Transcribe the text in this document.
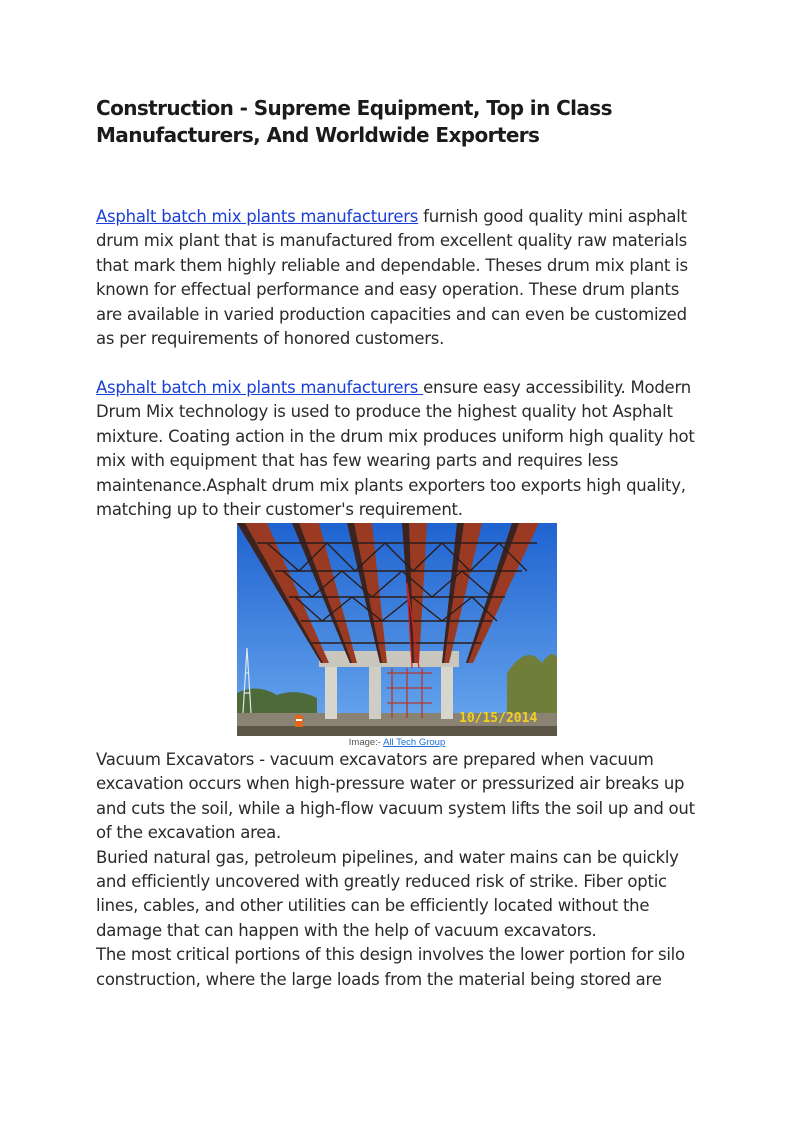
Construction - Supreme Equipment, Top in Class Manufacturers, And Worldwide Exporters

Asphalt batch mix plants manufacturers furnish good quality mini asphalt drum mix plant that is manufactured from excellent quality raw materials that mark them highly reliable and dependable. Theses drum mix plant is known for effectual performance and easy operation. These drum plants are available in varied production capacities and can even be customized as per requirements of honored customers.

Asphalt batch mix plants manufacturers ensure easy accessibility. Modern Drum Mix technology is used to produce the highest quality hot Asphalt mixture. Coating action in the drum mix produces uniform high quality hot mix with equipment that has few wearing parts and requires less maintenance.Asphalt drum mix plants exporters too exports high quality, matching up to their customer's requirement.

10/15/2014
Image:- All Tech Group
Vacuum Excavators - vacuum excavators are prepared when vacuum excavation occurs when high-pressure water or pressurized air breaks up and cuts the soil, while a high-flow vacuum system lifts the soil up and out of the excavation area.
Buried natural gas, petroleum pipelines, and water mains can be quickly and efficiently uncovered with greatly reduced risk of strike. Fiber optic lines, cables, and other utilities can be efficiently located without the damage that can happen with the help of vacuum excavators.
The most critical portions of this design involves the lower portion for silo construction, where the large loads from the material being stored are
